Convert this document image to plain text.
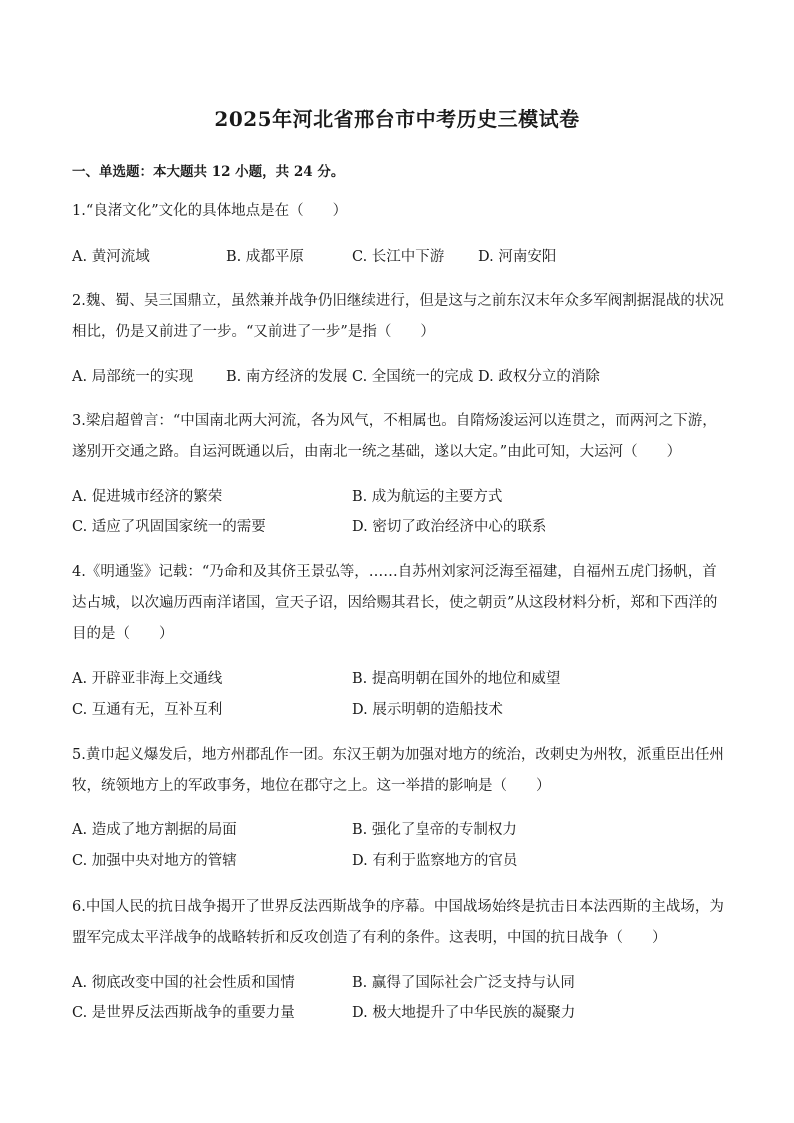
2025年河北省邢台市中考历史三模试卷
一、单选题：本大题共 12 小题，共 24 分。
1.“良渚文化”文化的具体地点是在（　　）
A. 黄河流域	B. 成都平原	C. 长江中下游 D. 河南安阳
2.魏、蜀、吴三国鼎立，虽然兼并战争仍旧继续进行，但是这与之前东汉末年众多军阀割据混战的状况相比，仍是又前进了一步。“又前进了一步”是指（　　）
A. 局部统一的实现 B. 南方经济的发展 C. 全国统一的完成 D. 政权分立的消除
3.梁启超曾言：“中国南北两大河流，各为风气，不相属也。自隋炀浚运河以连贯之，而两河之下游，遂别开交通之路。自运河既通以后，由南北一统之基础，遂以大定。”由此可知，大运河（　　）
A. 促进城市经济的繁荣	B. 成为航运的主要方式
C. 适应了巩固国家统一的需要	D. 密切了政治经济中心的联系
4.《明通鉴》记载：“乃命和及其侪王景弘等，……自苏州刘家河泛海至福建，自福州五虎门扬帆，首达占城，以次遍历西南洋诸国，宣天子诏，因给赐其君长，使之朝贡”从这段材料分析，郑和下西洋的目的是（　　）
A. 开辟亚非海上交通线	B. 提高明朝在国外的地位和威望
C. 互通有无，互补互利	D. 展示明朝的造船技术
5.黄巾起义爆发后，地方州郡乱作一团。东汉王朝为加强对地方的统治，改刺史为州牧，派重臣出任州牧，统领地方上的军政事务，地位在郡守之上。这一举措的影响是（　　）
A. 造成了地方割据的局面	B. 强化了皇帝的专制权力
C. 加强中央对地方的管辖	D. 有利于监察地方的官员
6.中国人民的抗日战争揭开了世界反法西斯战争的序幕。中国战场始终是抗击日本法西斯的主战场，为盟军完成太平洋战争的战略转折和反攻创造了有利的条件。这表明，中国的抗日战争（　　）
A. 彻底改变中国的社会性质和国情	B. 赢得了国际社会广泛支持与认同
C. 是世界反法西斯战争的重要力量	D. 极大地提升了中华民族的凝聚力
